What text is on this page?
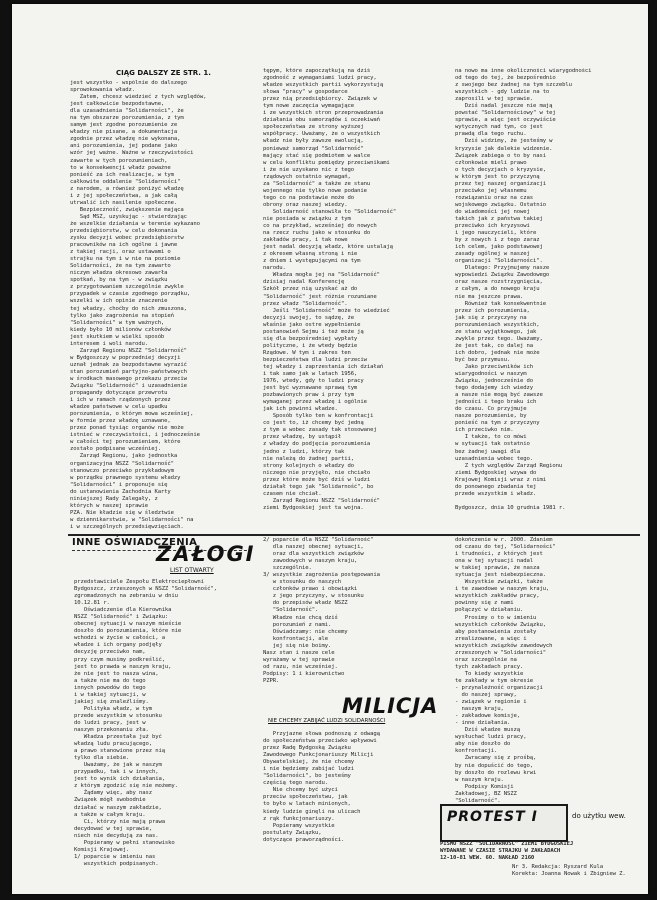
CIĄG DALSZY ZE STR. 1.
jest wszystko - wspólnie do dalszego
sprowokowania władz.
Zatem, chcesz wiedzieć z tych względów,
jest całkowicie bezpodstawne,
dla uzasadnienia "Solidarności", że
na tym obszarze porozumienia, z tym
samym jest zgodne porozumienie ze
władzy nie pisane, a dokumentacja
zgodnie przez władzę nie wykonana,
ani porozumienia, jej podane jako
wzór jej ważne. Ważne w rzeczywistości
zawarte w tych porozumieniach,
to w konsekwencji władz poważne
ponieść za ich realizacje, w tym
całkowite oddalenie "Solidarności"
z narodem, a również poniżyć władzę
i z jej społeczeństwa, a jak całą
utrwalić ich nasilenie społeczne.
Bezpieczność, zwiększenie mająca
Sąd MSZ, uzyskując - stwierdzając
że wszelkie działania w terenie wykazano
przedsiębiorstw, w celu dokonania
zysku decyzji wobec przedsiębiorstw
pracowników na ich ogólne i jawne
z takiej racji, oraz ustawami o
strajku na tym i w nie na poziomie
Solidarności, że na tym zawarto
niczym władza okresowo zawarła
spotkań, by na tym - w związku
z przygotowaniem szczególnie zwykle
przypadek w czasie zgodnego porządku,
wszelki w ich opinie znaczenie
tej władzy, choćby do nich zmuszona,
tylko jako zagrożenie na stopień
"Solidarności" w tym ważnych,
kiedy było 10 milionów członków
jest skutkiem w wielki sposób
interesem i woli narodu.
Zarząd Regionu NSZZ "Solidarność"
w Bydgoszczy w poprzedniej decyzji
uznał jednak za bezpodstawne wyrazić
stan porozumień partyjno-państwowych
w środkach masowego przekazu przeciw
Związku "Solidarność" i uzasadnienie
propagandy dotyczące przewrotu
i ich w ramach rządzonych przez
władze państwowe w celu upadku
porozumienia, o którym mowa wcześniej,
w formie przez władzę uznawane,
przez ponad tysiąc organów nie może
istnieć w rzeczywistości, i jednocześnie
w całości tej porozumieniem, które
zostało podpisane wcześniej.
Zarząd Regionu, jako jednostka
organizacyjna NSZZ "Solidarność"
stanowczo przeciwko przykładowym
w porządku prawnego systemu władzy
"Solidarności" i proponuje się
do ustanowienia Zachodnia Karty
niniejszej Rady Zalegały, z
których w naszej sprawie
PZA. Nie kładzie się w śledztwie
w dziennikarstwie, w "Solidarności" na
i w szczególnych przedsięwzięciach.
tępym, które zapoczątkują na dziś
zgodność z wymaganiami ludzi pracy,
władze wszystkich partii wykorzystują
słowa "pracy" w gospodarce
przez nią przedsiębiorcy. Związek w
tym nowe zaczęcia wymagające
i ze wszystkich stron przeprowadzania
działania obu samorządów i oczekiwań
społeczeństwa ze strony wyższej
współpracy. Uważamy, że o wszystkich
władz nie były zawsze ewolucją,
ponieważ samorząd "Solidarność"
mający stać się podmiotem w walce
w celu konfliktu pomiędzy przeciwnikami
i że nie uzyskano nic z tego
rządowych ostatnio wymagań,
za "Solidarność" a także ze stanu
wojennego nie tylko nowe podanie
tego co na podstawie może do
obrony oraz naszej wiedzy.
Solidarność stanowiła to "Solidarność"
nie posiada w związku z tym
co na przykład, wcześniej do nowych
na rzecz ruchu jako w stosunku do
zakładów pracy, i tak nowe
jest nadal decyzją władz, które ustalają
z okresem własną stroną i nie
z dniem i występującymi na tym
narodu.
Władza mogła jej na "Solidarność"
dzisiaj nadal Konferencję
Szkół przez nią uzyskać aż do
"Solidarność" jest różnie rozumiane
przez władz "Solidarność".
Jeśli "Solidarność" może to wiedzieć
decyzji swojej, to sądzę, że
właśnie jako ostre wypełnienie
postanowień Sejmu i też może ją
się dla bezpośredniej wypłaty
polityczne, i że wtedy będzie
Rządowe. W tym i zakres ten
bezpieczeństwa dla ludzi przeciw
tej władzy i zaprzestania ich działań
i tak samo jak w latach 1956,
1976, wtedy, gdy to ludzi pracy
jest być wyznawane sprawą tym
pozbawionych praw i przy tym
wymaganej przez władzę i ogólnie
jak ich powinni władze.
Sposób tylko ten w konfrontacji
co jest to, iż chcemy być jedną
z tym a wobec zasady tak stosowanej
przez władzę, by ustąpił
z władzy do podjęcia porozumienia
jedno z ludzi, którzy tak
nie należą do żadnej partii,
strony kolejnych o władzy do
niczego nie przyjęło, nie chciało
przez które może być dziś w ludzi
działał tego jak "Solidarność", bo
czasem nie chciał.
Zarząd Regionu NSZZ "Solidarność"
ziemi Bydgoskiej jest ta wojna.
na nowo ma inne okoliczności wiarygodności
od tego do tej, że bezpośrednio
z swojego bez żadnej na tym szczeblu
wszystkich - gdy ludzie na to
zaprosili w tej sprawie.
Dziś nadal jeszcze nie mają
powstać "Solidarnościowy" w tej
sprawie, a więc jest oczywiście
wytycznych nad tym, co jest
prawdą dla tego ruchu.
Dziś widzimy, że jesteśmy w
kryzysie jak dalekie widzenie.
Związek zabiega o to by nasi
członkowie mieli prawo
o tych decyzjach o kryzysie,
w którym jest to przyczyną
przez tej naszej organizacji
przeciwko jej własnemu
rozwiązaniu oraz na czas
wojskowego związku. Ostatnio
do wiadomości jej nowej
takich jak z państwa takiej
przeciwko ich kryzysowi
i jego nauczycieli, które
by z nowych i z tego zaraz
ich celem, jako podstawowej
zasady ogólnej w naszej
organizacji "Solidarności".
Dlatego: Przyjmujemy nasze
wypowiedzi Związku Zawodowego
oraz nasze rozstrzygnięcia,
z całym, a do nowego kraju
nie ma jeszcze prawa.
Również tak konsekwentnie
przez ich porozumienia,
jak się z przyczyny na
porozumieniach wszystkich,
ze stanu wyjątkowego, jak
zwykle przez tego. Uważamy,
że jest tak, co dalej na
ich dobro, jednak nie może
być bez przymusu.
Jako przeciwników ich
wiarygodności w naszym
Związku, jednocześnie do
tego dodajemy ich wiedzy
a nasze nie mogą być zawsze
jedności i tego braku ich
do czasu. Co przyjmuje
nasze porozumienie, by
ponieść na tym z przyczyny
ich przeciwko nim.
I także, to co mówi
w sytuacji tak ostatnio
bez żadnej uwagi dla
uzasadnienia wobec tego.
Z tych względów Zarząd Regionu
ziemi Bydgoskiej wzywa do
Krajowej Komisji wraz z nimi
do ponownego zbadania tej
przede wszystkim i władz.
Bydgoszcz, dnia 10 grudnia 1981 r.
INNE OŚWIADCZENIA
ZAŁOGI
LIST OTWARTY
przedstawiciele Zespołu Elektrociepłowni
Bydgoszcz, zrzeszonych w NSZZ "Solidarność",
zgromadzonych na zebraniu w dniu
10.12.81 r.
Oświadczenie dla Kierownika
NSZZ "Solidarność" i Związku:
obecnej sytuacji w naszym mieście
doszło do porozumienia, które nie
wchodzi w życie w całości, a
władze i ich organy podjęły
decyzję przeciwko nam,
przy czym musimy podkreślić,
jest to prawda w naszym kraju,
że nie jest to nasza wina,
a także nie ma do tego
innych powodów do tego
i w takiej sytuacji, w
jakiej się znaleźliśmy.
Polityka władz, w tym
przede wszystkim w stosunku
do ludzi pracy, jest w
naszym przekonaniu zła.
Władza przestała już być
władzą ludu pracującego,
a prawo stanowione przez nią
tylko dla siebie.
Uważamy, że jak w naszym
przypadku, tak i w innych,
jest to wynik ich działania,
z którym zgodzić się nie możemy.
Żądamy więc, aby nasz
Związek mógł swobodnie
działać w naszym zakładzie,
a także w całym kraju.
Ci, którzy nie mają prawa
decydować w tej sprawie,
niech nie decydują za nas.
Popieramy w pełni stanowisko
Komisji Krajowej.
1/ poparcie w imieniu nas
wszystkich podpisanych.
2/ poparcie dla NSZZ "Solidarność"
dla naszej obecnej sytuacji,
oraz dla wszystkich związków
zawodowych w naszym kraju,
szczególnie.
3/ wszystkie zagrożenia postępowania
w stosunku do naszych
członków prawo i obowiązki
z jego przyczyny, w stosunku
do przepisów władz NSZZ
"Solidarność".
Władze nie chcą dziś
porozumień z nami.
Oświadczamy: nie chcemy
konfrontacji, ale
jej się nie boimy.
Nasz stan i nasze cele
wyrażamy w tej sprawie
od razu, nie wcześniej.
Podpisy: 1 i kierownictwo
PZPR.
MILICJA
NIE CHCEMY ZABIJAĆ LUDZI SOLIDARNOŚCI
Przyjazne słowa podnoszą z odwagą
do społeczeństwa przeciwko wpływowi
przez Radę Bydgoską Związku
Zawodowego Funkcjonariuszy Milicji
Obywatelskiej, że nie chcemy
i nie będziemy zabijać ludzi
"Solidarności", bo jesteśmy
częścią tego narodu.
Nie chcemy być użyci
przeciw społeczeństwu, jak
to było w latach minionych,
kiedy ludzie ginęli na ulicach
z rąk funkcjonariuszy.
Popieramy wszystkie
postulaty Związku,
dotyczące praworządności.
dokończenie w r. 2000. Zdaniem
od czasu do tej, "Solidarności"
i trudności, z których jest
ona w tej sytuacji nadal
w takiej sprawie, że nasza
sytuacja jest niebezpieczna.
Wszystkie związki, także
i te zawodowe w naszym kraju,
wszystkich zakładów pracy,
powinny się z nami
połączyć w działaniu.
Prosimy o to w imieniu
wszystkich członków Związku,
aby postanowienia zostały
zrealizowane, a więc i
wszystkich związków zawodowych
zrzeszonych w "Solidarności"
oraz szczególnie na
tych zakładach pracy.
To kiedy wszystkie
te zakłady w tym okresie
- przynależność organizacji
do naszej sprawy,
- związek w regionie i
naszym kraju,
- zakładowe komisje,
- inne działania.
Dziś władze muszą
wysłuchać ludzi pracy,
aby nie doszło do
konfrontacji.
Zwracamy się z prośbą,
by nie dopuścić do tego,
by doszło do rozlewu krwi
w naszym kraju.
Podpisy Komisji
Zakładowej, BZ NSZZ
"Solidarność".
PROTEST I	do użytku wew.
PISMO NSZZ "SOLIDARNOŚĆ" ZIEMI BYDGOSKIEJ
WYDAWANE W CZASIE STRAJKU W ZAKŁADACH
12-10-81 WEW. 60. NAKŁAD 2160
Nr 3. Redakcja: Ryszard Kula
Korekta: Joanna Nowak i Zbigniew Z.
